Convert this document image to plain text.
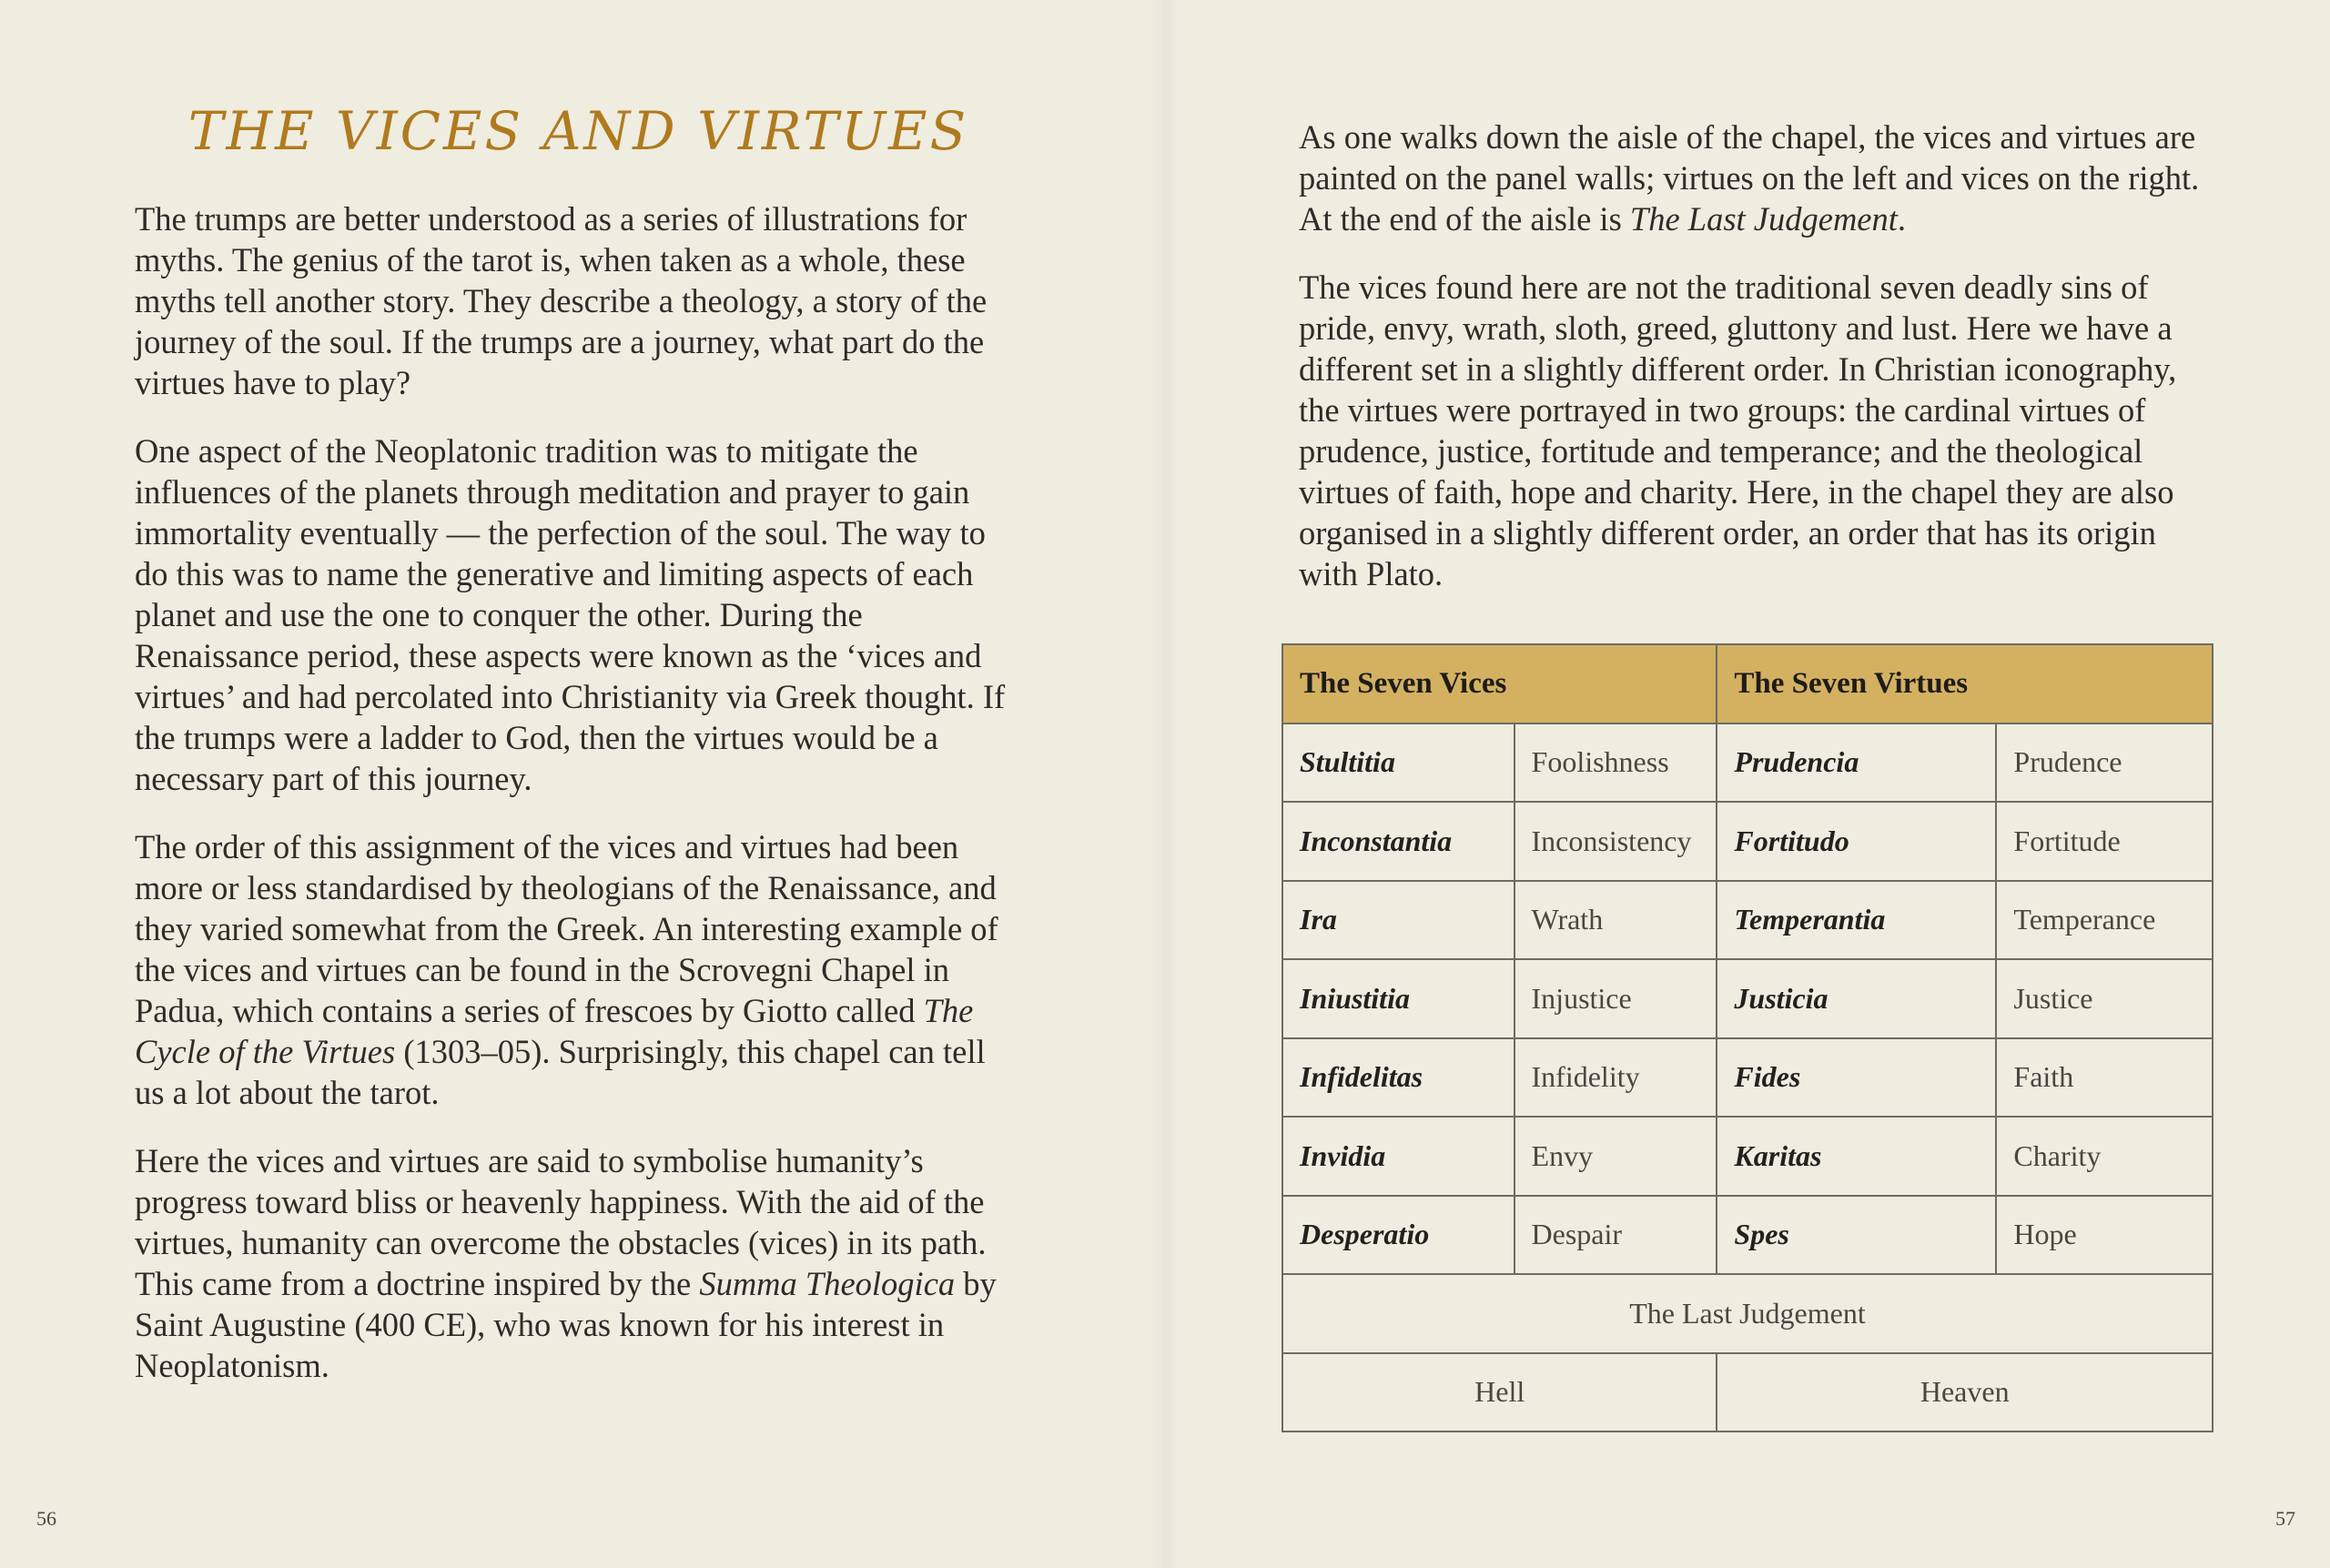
THE VICES AND VIRTUES

The trumps are better understood as a series of illustrations for myths. The genius of the tarot is, when taken as a whole, these myths tell another story. They describe a theology, a story of the journey of the soul. If the trumps are a journey, what part do the virtues have to play?

One aspect of the Neoplatonic tradition was to mitigate the influences of the planets through meditation and prayer to gain immortality eventually — the perfection of the soul. The way to do this was to name the generative and limiting aspects of each planet and use the one to conquer the other. During the Renaissance period, these aspects were known as the ‘vices and virtues’ and had percolated into Christianity via Greek thought. If the trumps were a ladder to God, then the virtues would be a necessary part of this journey.

The order of this assignment of the vices and virtues had been more or less standardised by theologians of the Renaissance, and they varied somewhat from the Greek. An interesting example of the vices and virtues can be found in the Scrovegni Chapel in Padua, which contains a series of frescoes by Giotto called The Cycle of the Virtues (1303–05). Surprisingly, this chapel can tell us a lot about the tarot.

Here the vices and virtues are said to symbolise humanity’s progress toward bliss or heavenly happiness. With the aid of the virtues, humanity can overcome the obstacles (vices) in its path. This came from a doctrine inspired by the Summa Theologica by Saint Augustine (400 CE), who was known for his interest in Neoplatonism.

As one walks down the aisle of the chapel, the vices and virtues are painted on the panel walls; virtues on the left and vices on the right. At the end of the aisle is The Last Judgement.

The vices found here are not the traditional seven deadly sins of pride, envy, wrath, sloth, greed, gluttony and lust. Here we have a different set in a slightly different order. In Christian iconography, the virtues were portrayed in two groups: the cardinal virtues of prudence, justice, fortitude and temperance; and the theological virtues of faith, hope and charity. Here, in the chapel they are also organised in a slightly different order, an order that has its origin with Plato.

The Seven Vices		The Seven Virtues	
Stultitia	Foolishness	Prudencia	Prudence
Inconstantia	Inconsistency	Fortitudo	Fortitude
Ira	Wrath	Temperantia	Temperance
Iniustitia	Injustice	Justicia	Justice
Infidelitas	Infidelity	Fides	Faith
Invidia	Envy	Karitas	Charity
Desperatio	Despair	Spes	Hope
The Last Judgement			
Hell		Heaven	
56	57
